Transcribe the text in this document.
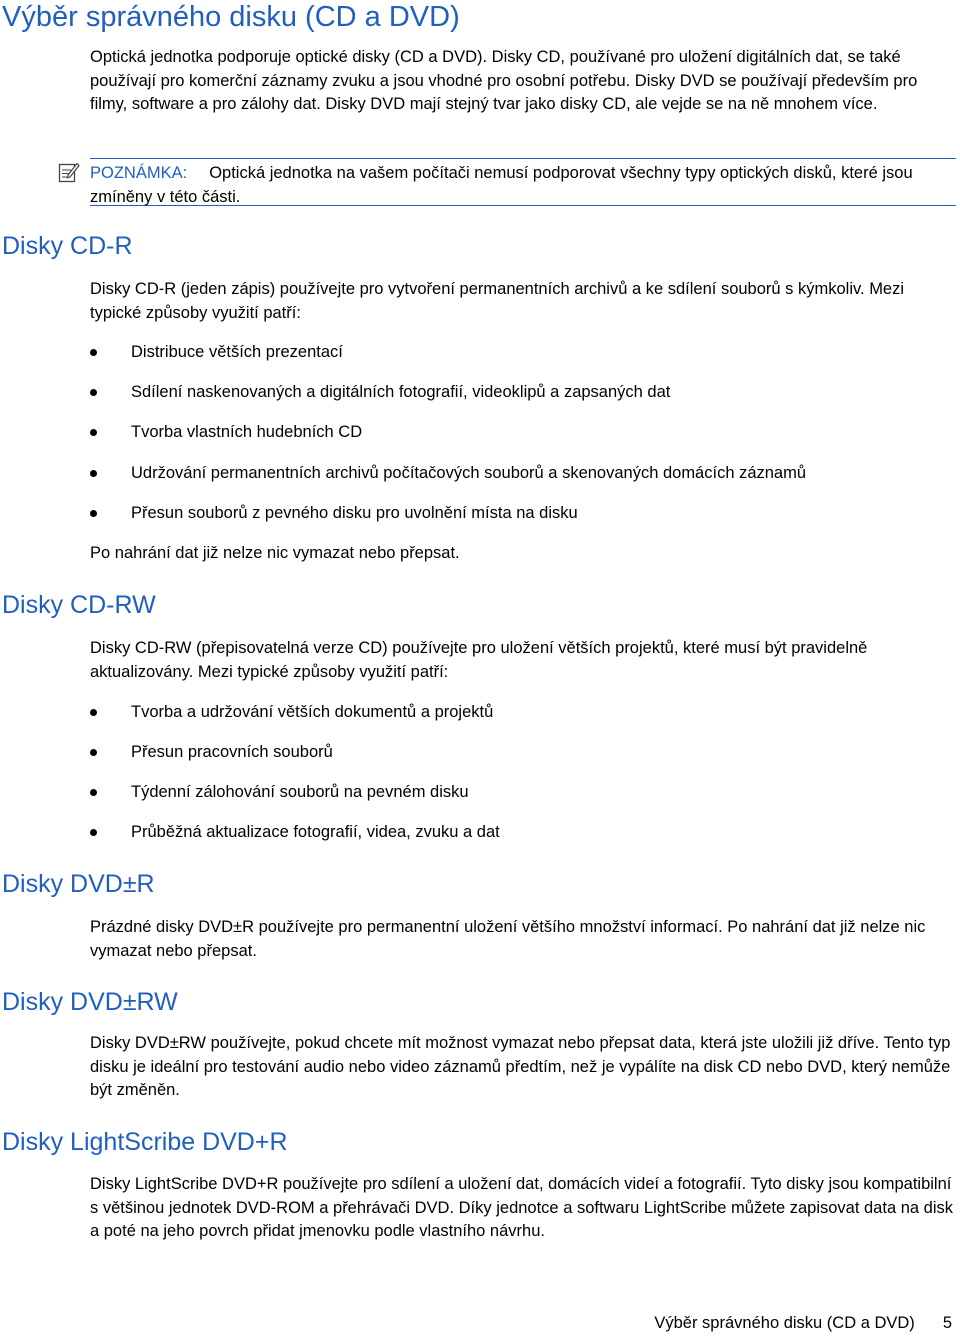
Výběr správného disku (CD a DVD)

Optická jednotka podporuje optické disky (CD a DVD). Disky CD, používané pro uložení digitálních dat, se také používají pro komerční záznamy zvuku a jsou vhodné pro osobní potřebu. Disky DVD se používají především pro filmy, software a pro zálohy dat. Disky DVD mají stejný tvar jako disky CD, ale vejde se na ně mnohem více.

POZNÁMKA: Optická jednotka na vašem počítači nemusí podporovat všechny typy optických disků, které jsou zmíněny v této části.
Disky CD-R

Disky CD-R (jeden zápis) používejte pro vytvoření permanentních archivů a ke sdílení souborů s kýmkoliv. Mezi typické způsoby využití patří:

Distribuce větších prezentací
Sdílení naskenovaných a digitálních fotografií, videoklipů a zapsaných dat
Tvorba vlastních hudebních CD
Udržování permanentních archivů počítačových souborů a skenovaných domácích záznamů
Přesun souborů z pevného disku pro uvolnění místa na disku

Po nahrání dat již nelze nic vymazat nebo přepsat.

Disky CD-RW

Disky CD-RW (přepisovatelná verze CD) používejte pro uložení větších projektů, které musí být pravidelně aktualizovány. Mezi typické způsoby využití patří:

Tvorba a udržování větších dokumentů a projektů
Přesun pracovních souborů
Týdenní zálohování souborů na pevném disku
Průběžná aktualizace fotografií, videa, zvuku a dat
Disky DVD±R

Prázdné disky DVD±R používejte pro permanentní uložení většího množství informací. Po nahrání dat již nelze nic vymazat nebo přepsat.

Disky DVD±RW

Disky DVD±RW používejte, pokud chcete mít možnost vymazat nebo přepsat data, která jste uložili již dříve. Tento typ disku je ideální pro testování audio nebo video záznamů předtím, než je vypálíte na disk CD nebo DVD, který nemůže být změněn.

Disky LightScribe DVD+R

Disky LightScribe DVD+R používejte pro sdílení a uložení dat, domácích videí a fotografií. Tyto disky jsou kompatibilní s většinou jednotek DVD-ROM a přehrávači DVD. Díky jednotce a softwaru LightScribe můžete zapisovat data na disk a poté na jeho povrch přidat jmenovku podle vlastního návrhu.

Výběr správného disku (CD a DVD) 5
